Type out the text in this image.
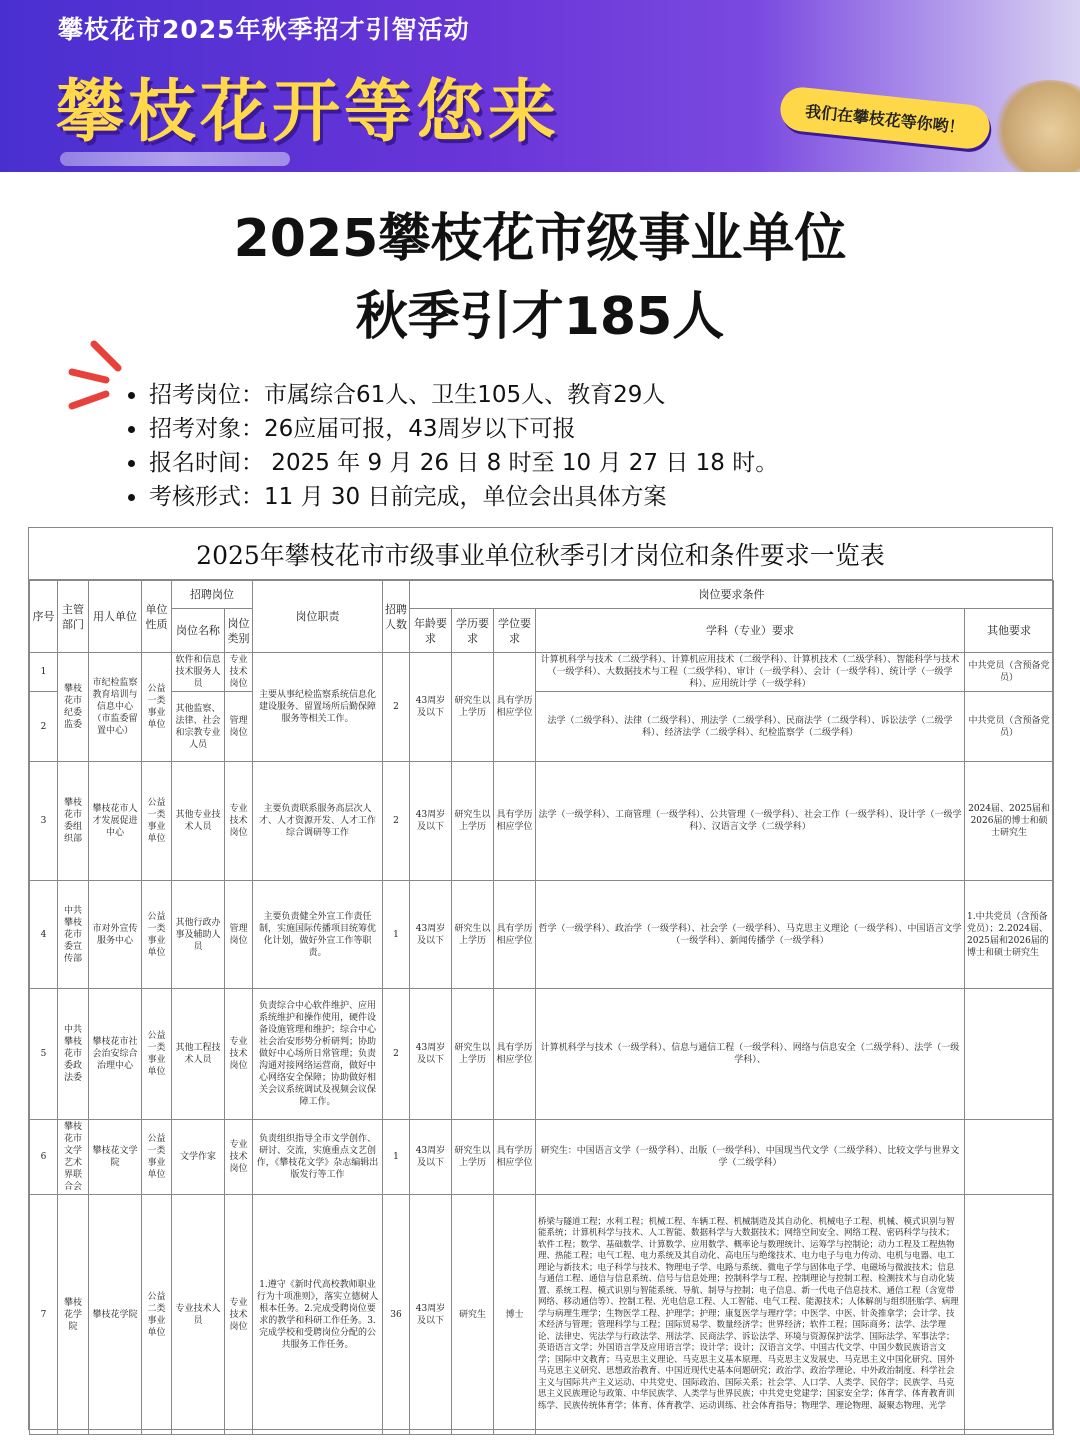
攀枝花市2025年秋季招才引智活动
攀枝花开等您来	我们在攀枝花等你哟！
2025攀枝花市级事业单位
秋季引才185人
招考岗位：市属综合61人、卫生105人、教育29人
招考对象：26应届可报，43周岁以下可报
报名时间： 2025 年 9 月 26 日 8 时至 10 月 27 日 18 时。
考核形式：11 月 30 日前完成，单位会出具体方案
2025年攀枝花市市级事业单位秋季引才岗位和条件要求一览表
序号	主管部门	用人单位	单位性质	招聘岗位		岗位职责	招聘人数	岗位要求条件				
				岗位名称	岗位类别			年龄要求	学历要求	学位要求	学科（专业）要求	其他要求
1	攀枝花市纪委监委	市纪检监察教育培训与信息中心（市监委留置中心）	公益一类事业单位	软件和信息技术服务人员	专业技术岗位	主要从事纪检监察系统信息化建设服务、留置场所后勤保障服务等相关工作。	2	43周岁及以下	研究生以上学历	具有学历相应学位	计算机科学与技术（二级学科）、计算机应用技术（二级学科）、计算机技术（二级学科）、智能科学与技术（一级学科）、大数据技术与工程（二级学科）、审计（一级学科）、会计（一级学科）、统计学（一级学科）、应用统计学（一级学科）	中共党员（含预备党员）
2				其他监察、法律、社会和宗教专业人员	管理岗位						法学（二级学科）、法律（二级学科）、刑法学（二级学科）、民商法学（二级学科）、诉讼法学（二级学科）、经济法学（二级学科）、纪检监察学（二级学科）	中共党员（含预备党员）
3	攀枝花市委组织部	攀枝花市人才发展促进中心	公益一类事业单位	其他专业技术人员	专业技术岗位	主要负责联系服务高层次人才、人才资源开发、人才工作综合调研等工作	2	43周岁及以下	研究生以上学历	具有学历相应学位	法学（一级学科）、工商管理（一级学科）、公共管理（一级学科）、社会工作（一级学科）、设计学（一级学科）、汉语言文学（二级学科）	2024届、2025届和2026届的博士和硕士研究生
4	中共攀枝花市委宣传部	市对外宣传服务中心	公益一类事业单位	其他行政办事及辅助人员	管理岗位	主要负责健全外宣工作责任制，实施国际传播项目统筹优化计划，做好外宣工作等职责。	1	43周岁及以下	研究生以上学历	具有学历相应学位	哲学（一级学科）、政治学（一级学科）、社会学（一级学科）、马克思主义理论（一级学科）、中国语言文学（一级学科）、新闻传播学（一级学科）	1.中共党员（含预备党员）；2.2024届、2025届和2026届的博士和硕士研究生
5	中共攀枝花市委政法委	攀枝花市社会治安综合治理中心	公益一类事业单位	其他工程技术人员	专业技术岗位	负责综合中心软件维护、应用系统维护和操作使用，硬件设备设施管理和维护；综合中心社会治安形势分析研判；协助做好中心场所日常管理；负责沟通对接网络运营商，做好中心网络安全保障；协助做好相关会议系统调试及视频会议保障工作。	2	43周岁及以下	研究生以上学历	具有学历相应学位	计算机科学与技术（一级学科）、信息与通信工程（一级学科）、网络与信息安全（二级学科）、法学（一级学科）、	
6	攀枝花市文学艺术界联合会	攀枝花文学院	公益一类事业单位	文学作家	专业技术岗位	负责组织指导全市文学创作、研讨、交流，实施重点文艺创作，《攀枝花文学》杂志编辑出版发行等工作	1	43周岁及以下	研究生以上学历	具有学历相应学位	研究生：中国语言文学（一级学科）、出版（一级学科）、中国现当代文学（二级学科）、比较文学与世界文学（二级学科）	
7	攀枝花学院	攀枝花学院	公益二类事业单位	专业技术人员	专业技术岗位	1.遵守《新时代高校教师职业行为十项准则》，落实立德树人根本任务。2.完成受聘岗位要求的教学和科研工作任务。3.完成学校和受聘岗位分配的公共服务工作任务。	36	43周岁及以下	研究生	博士	桥梁与隧道工程；水利工程；机械工程、车辆工程、机械制造及其自动化、机械电子工程、机械、模式识别与智能系统；计算机科学与技术、人工智能、数据科学与大数据技术；网络空间安全、网络工程、密码科学与技术；软件工程；数学、基础数学、计算数学、应用数学、概率论与数理统计、运筹学与控制论；动力工程及工程热物理、热能工程；电气工程、电力系统及其自动化、高电压与绝缘技术、电力电子与电力传动、电机与电器、电工理论与新技术；电子科学与技术、物理电子学、电路与系统、微电子学与固体电子学、电磁场与微波技术；信息与通信工程、通信与信息系统、信号与信息处理；控制科学与工程、控制理论与控制工程、检测技术与自动化装置、系统工程、模式识别与智能系统、导航、制导与控制；电子信息、新一代电子信息技术、通信工程（含宽带网络、移动通信等）、控制工程、光电信息工程、人工智能、电气工程、能源技术；人体解剖与组织胚胎学、病理学与病理生理学；生物医学工程、护理学；护理；康复医学与理疗学；中医学、中医、针灸推拿学；会计学、技术经济与管理；管理科学与工程；国际贸易学、数量经济学；世界经济；软件工程；国际商务；法学、法学理论、法律史、宪法学与行政法学、刑法学、民商法学、诉讼法学、环境与资源保护法学、国际法学、军事法学；英语语言文学；外国语言学及应用语言学；设计学；设计；汉语言文学、中国古代文学、中国少数民族语言文学；国际中文教育；马克思主义理论、马克思主义基本原理、马克思主义发展史、马克思主义中国化研究、国外马克思主义研究、思想政治教育、中国近现代史基本问题研究；政治学、政治学理论、中外政治制度、科学社会主义与国际共产主义运动、中共党史、国际政治、国际关系；社会学、人口学、人类学、民俗学；民族学、马克思主义民族理论与政策、中华民族学、人类学与世界民族；中共党史党建学；国家安全学；体育学、体育教育训练学、民族传统体育学；体育、体育教学、运动训练、社会体育指导；物理学、理论物理、凝聚态物理、光学	
